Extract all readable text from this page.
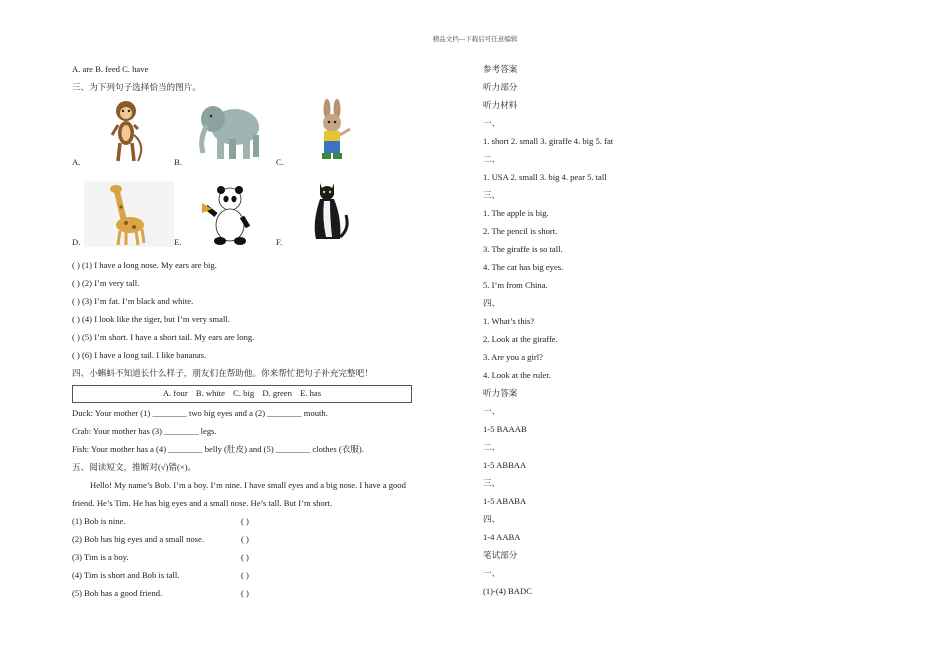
精品文档---下载后可任意编辑
A. are B. feed C. have
三、为下列句子选择恰当的图片。
A.	B.	C.
D.	E.	F.
( ) (1) I have a long nose. My ears are big.
( ) (2) I’m very tall.
( ) (3) I’m fat. I’m black and white.
( ) (4) I look like the tiger, but I’m very small.
( ) (5) I’m short. I have a short tail. My ears are long.
( ) (6) I have a long tail. I like bananas.
四、小蝌蚪不知道长什么样子，朋友们在帮助他。你来帮忙把句子补充完整吧！
A. four B. white C. big D. green E. has
Duck: Your mother (1) ________ two big eyes and a (2) ________ mouth.
Crab: Your mother has (3) ________ legs.
Fish: Your mother has a (4) ________ belly (肚皮) and (5) ________ clothes (衣服).
五、阅读短文，推断对(√)错(×)。
Hello! My name’s Bob. I’m a boy. I’m nine. I have small eyes and a big nose. I have a good
friend. He’s Tim. He has big eyes and a small nose. He’s tall. But I’m short.
(1) Bob is nine.	( )
(2) Bob has big eyes and a small nose.	( )
(3) Tim is a boy.	( )
(4) Tim is short and Bob is tall.	( )
(5) Bob has a good friend.	( )
参考答案
听力部分
听力材料
一、
1. short 2. small 3. giraffe 4. big 5. fat
二、
1. USA 2. small 3. big 4. pear 5. tall
三、
1. The apple is big.
2. The pencil is short.
3. The giraffe is so tall.
4. The cat has big eyes.
5. I’m from China.
四、
1. What’s this?
2. Look at the giraffe.
3. Are you a girl?
4. Look at the ruler.
听力答案
一、
1-5 BAAAB
二、
1-5 ABBAA
三、
1-5 ABABA
四、
1-4 AABA
笔试部分
一、
(1)-(4) BADC
